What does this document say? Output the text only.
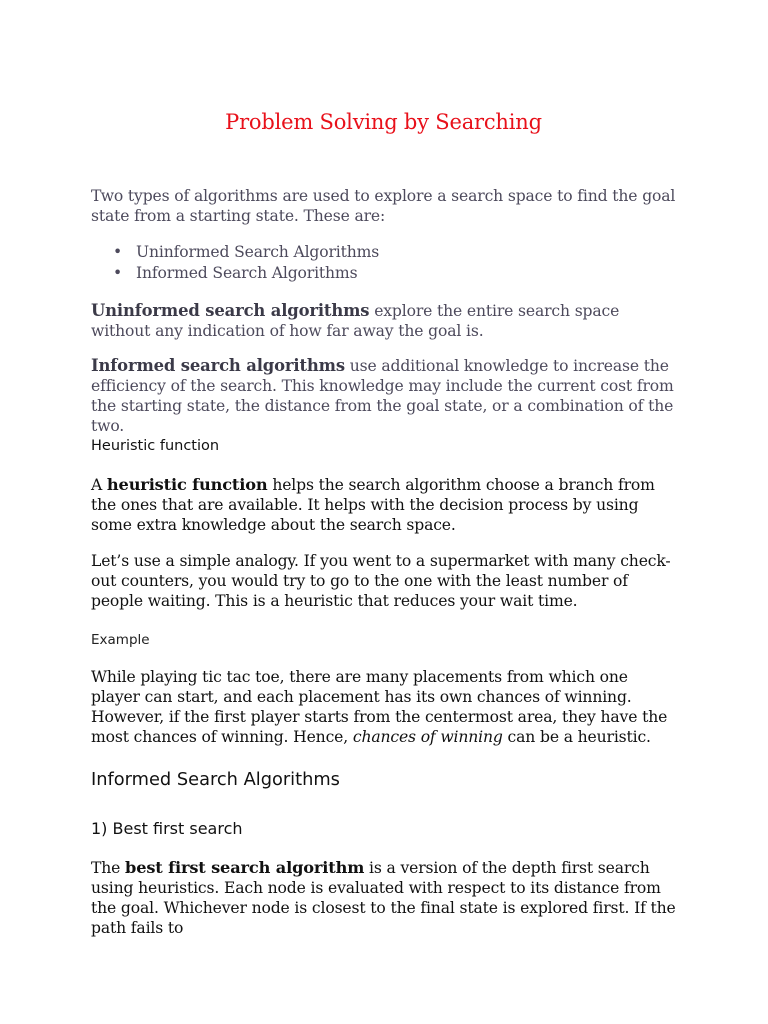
Problem Solving by Searching
Two types of algorithms are used to explore a search space to find the goal state from a starting state. These are:
• Uninformed Search Algorithms
• Informed Search Algorithms

Uninformed search algorithms explore the entire search space without any indication of how far away the goal is.

Informed search algorithms use additional knowledge to increase the efficiency of the search. This knowledge may include the current cost from the starting state, the distance from the goal state, or a combination of the two.

Heuristic function

A heuristic function helps the search algorithm choose a branch from the ones that are available. It helps with the decision process by using some extra knowledge about the search space.

Let’s use a simple analogy. If you went to a supermarket with many check-out counters, you would try to go to the one with the least number of people waiting. This is a heuristic that reduces your wait time.

Example

While playing tic tac toe, there are many placements from which one player can start, and each placement has its own chances of winning. However, if the first player starts from the centermost area, they have the most chances of winning. Hence, chances of winning can be a heuristic.

Informed Search Algorithms
1) Best first search

The best first search algorithm is a version of the depth first search using heuristics. Each node is evaluated with respect to its distance from the goal. Whichever node is closest to the final state is explored first. If the path fails to
